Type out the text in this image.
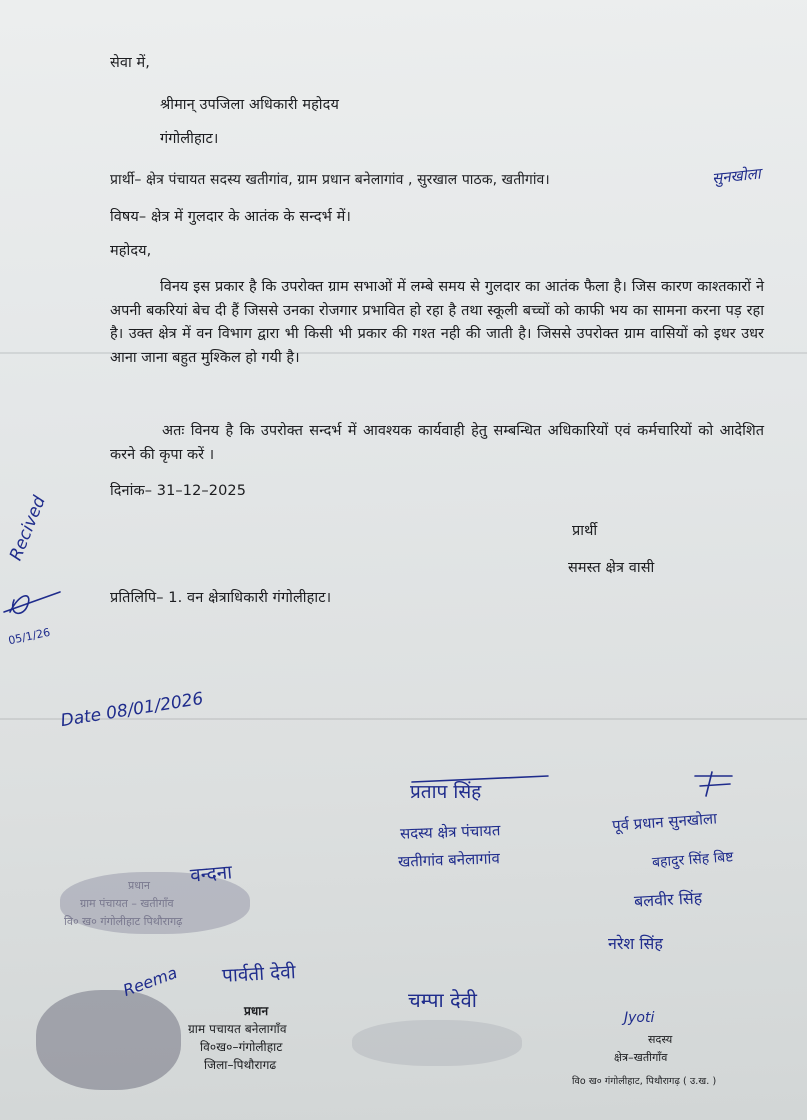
सेवा में,
श्रीमान् उपजिला अधिकारी महोदय
गंगोलीहाट।
प्रार्थी– क्षेत्र पंचायत सदस्य खतीगांव, ग्राम प्रधान बनेलागांव , सुरखाल पाठक, खतीगांव।	सुनखोला
विषय– क्षेत्र में गुलदार के आतंक के सन्दर्भ में।
महोदय,
विनय इस प्रकार है कि उपरोक्त ग्राम सभाओं में लम्बे समय से गुलदार का आतंक फैला है। जिस कारण काश्तकारों ने अपनी बकरियां बेच दी हैं जिससे उनका रोजगार प्रभावित हो रहा है तथा स्कूली बच्चों को काफी भय का सामना करना पड़ रहा है। उक्त क्षेत्र में वन विभाग द्वारा भी किसी भी प्रकार की गश्त नही की जाती है। जिससे उपरोक्त ग्राम वासियों को इधर उधर आना जाना बहुत मुश्किल हो गयी है।
अतः विनय है कि उपरोक्त सन्दर्भ में आवश्यक कार्यवाही हेतु सम्बन्धित अधिकारियों एवं कर्मचारियों को आदेशित करने की कृपा करें ।
दिनांक– 31–12–2025
प्रार्थी
समस्त क्षेत्र वासी
प्रतिलिपि– 1. वन क्षेत्राधिकारी गंगोलीहाट।
Recived
05/1/26
Date 08/01/2026
प्रताप सिंह
सदस्य क्षेत्र पंचायत
खतीगांव बनेलागांव
पूर्व प्रधान सुनखोला
बहादुर सिंह बिष्ट
बलवीर सिंह
नरेश सिंह
प्रधान
ग्राम पंचायत – खतीगाँव
वि० ख० गंगोलीहाट पिथौरागढ़
वन्दना
Reema पार्वती देवी
प्रधान
ग्राम पचायत बनेलागाँव
वि०ख०–गंगोलीहाट
जिला–पिथौरागढ
चम्पा देवी
Jyoti
सदस्य
क्षेत्र–खतीगाँव
विo ख० गंगोलीहाट, पिथौरागढ़ ( उ.ख. )
